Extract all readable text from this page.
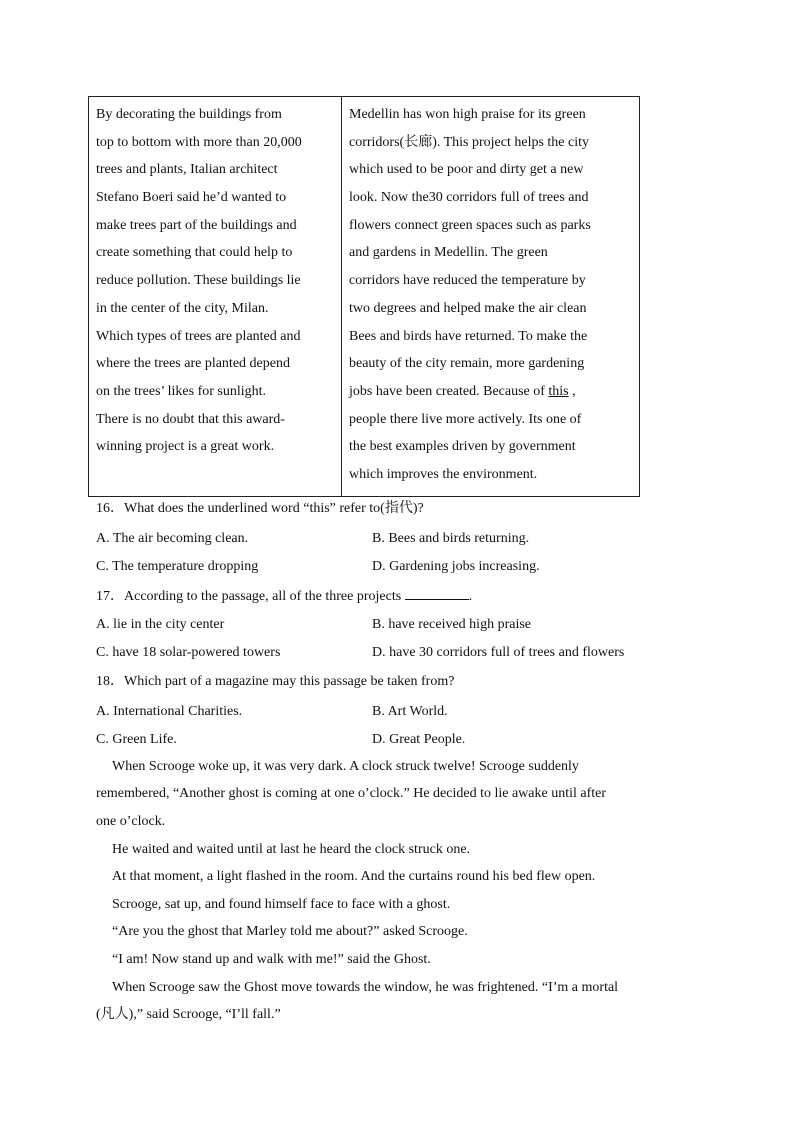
By decorating the buildings from
top to bottom with more than 20,000
trees and plants, Italian architect
Stefano Boeri said he’d wanted to
make trees part of the buildings and
create something that could help to
reduce pollution. These buildings lie
in the center of the city, Milan.
Which types of trees are planted and
where the trees are planted depend
on the trees’ likes for sunlight.
There is no doubt that this award-
winning project is a great work.

Medellin has won high praise for its green
corridors(长廊). This project helps the city
which used to be poor and dirty get a new
look. Now the30 corridors full of trees and
flowers connect green spaces such as parks
and gardens in Medellin. The green
corridors have reduced the temperature by
two degrees and helped make the air clean
Bees and birds have returned. To make the
beauty of the city remain, more gardening
jobs have been created. Because of this ,
people there live more actively. Its one of
the best examples driven by government
which improves the environment.
16．What does the underlined word “this” refer to(指代)?
A. The air becoming clean.	B. Bees and birds returning.
C. The temperature dropping	D. Gardening jobs increasing.
17．According to the passage, all of the three projects	.
A. lie in the city center	B. have received high praise
C. have 18 solar-powered towers	D. have 30 corridors full of trees and flowers
18．Which part of a magazine may this passage be taken from?
A. International Charities.	B. Art World.
C. Green Life.	D. Great People.
When Scrooge woke up, it was very dark. A clock struck twelve! Scrooge suddenly
remembered, “Another ghost is coming at one o’clock.” He decided to lie awake until after
one o’clock.
He waited and waited until at last he heard the clock struck one.
At that moment, a light flashed in the room. And the curtains round his bed flew open.
Scrooge, sat up, and found himself face to face with a ghost.
“Are you the ghost that Marley told me about?” asked Scrooge.
“I am! Now stand up and walk with me!” said the Ghost.
When Scrooge saw the Ghost move towards the window, he was frightened. “I’m a mortal
(凡人),” said Scrooge, “I’ll fall.”
